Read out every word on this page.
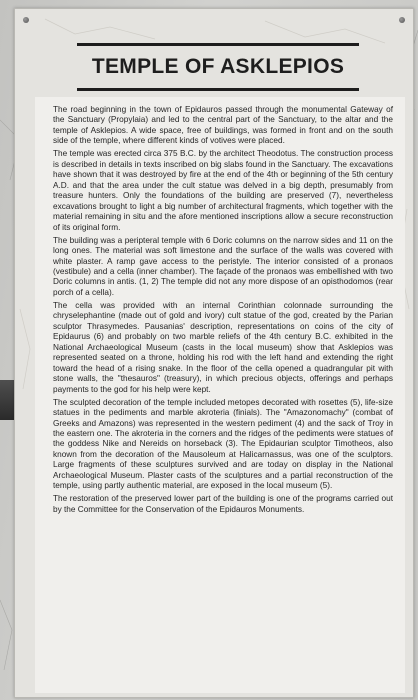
TEMPLE OF ASKLEPIOS

The road beginning in the town of Epidauros passed through the monumental Gateway of the Sanctuary (Propylaia) and led to the central part of the Sanctuary, to the altar and the temple of Asklepios. A wide space, free of buildings, was formed in front and on the south side of the temple, where different kinds of votives were placed.

The temple was erected circa 375 B.C. by the architect Theodotus. The construction process is described in details in texts inscribed on big slabs found in the Sanctuary. The excavations have shown that it was destroyed by fire at the end of the 4th or beginning of the 5th century A.D. and that the area under the cult statue was delved in a big depth, presumably from treasure hunters. Only the foundations of the building are preserved (7), nevertheless excavations brought to light a big number of architectural fragments, which together with the material remaining in situ and the afore mentioned inscriptions allow a secure reconstruction of its original form.

The building was a peripteral temple with 6 Doric columns on the narrow sides and 11 on the long ones. The material was soft limestone and the surface of the walls was covered with white plaster. A ramp gave access to the peristyle. The interior consisted of a pronaos (vestibule) and a cella (inner chamber). The façade of the pronaos was embellished with two Doric columns in antis. (1, 2) The temple did not any more dispose of an opisthodomos (rear porch of a cella).

The cella was provided with an internal Corinthian colonnade surrounding the chryselephantine (made out of gold and ivory) cult statue of the god, created by the Parian sculptor Thrasymedes. Pausanias' description, representations on coins of the city of Epidaurus (6) and probably on two marble reliefs of the 4th century B.C. exhibited in the National Archaeological Museum (casts in the local museum) show that Asklepios was represented seated on a throne, holding his rod with the left hand and extending the right toward the head of a rising snake. In the floor of the cella opened a quadrangular pit with stone walls, the "thesauros" (treasury), in which precious objects, offerings and perhaps payments to the god for his help were kept.

The sculpted decoration of the temple included metopes decorated with rosettes (5), life-size statues in the pediments and marble akroteria (finials). The "Amazonomachy" (combat of Greeks and Amazons) was represented in the western pediment (4) and the sack of Troy in the eastern one. The akroteria in the corners and the ridges of the pediments were statues of the goddess Nike and Nereids on horseback (3). The Epidaurian sculptor Timotheos, also known from the decoration of the Mausoleum at Halicarnassus, was one of the sculptors. Large fragments of these sculptures survived and are today on display in the National Archaeological Museum. Plaster casts of the sculptures and a partial reconstruction of the temple, using partly authentic material, are exposed in the local museum (5).

The restoration of the preserved lower part of the building is one of the programs carried out by the Committee for the Conservation of the Epidauros Monuments.
